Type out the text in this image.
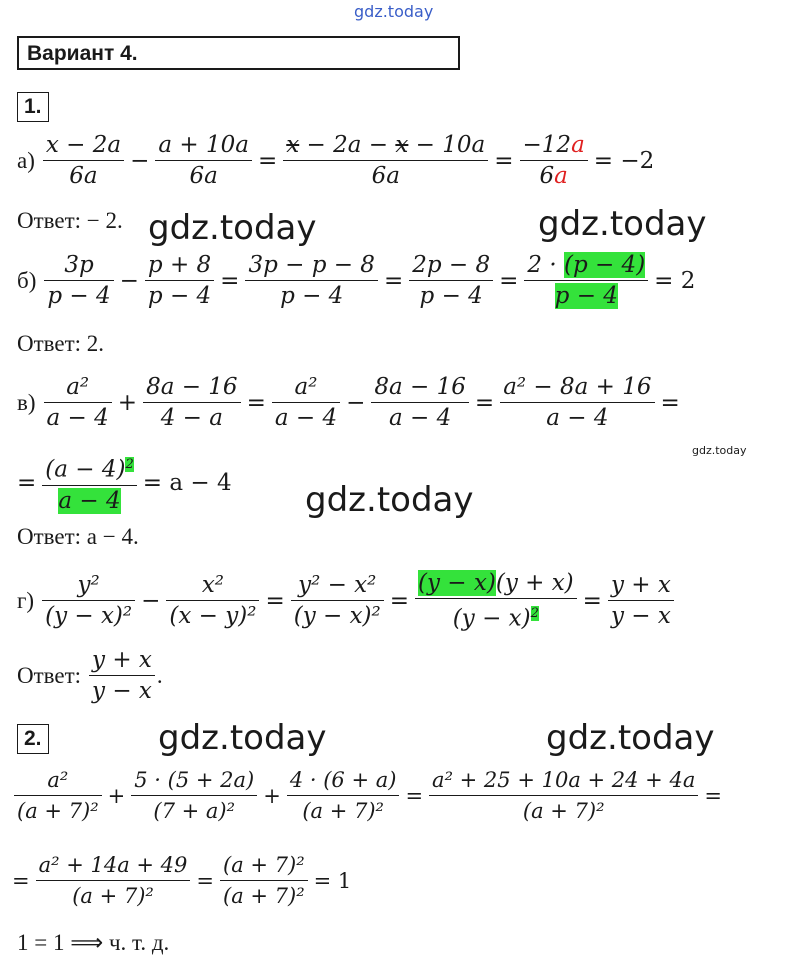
gdz.today
Вариант 4.
1.
$а) \frac{x - 2a}{6a} - \frac{a + 10a}{6a} = \frac{x - 2a - x - 10a}{6a} = \frac{-12a}{6a} = -2$
Ответ: − 2. gdz.today	gdz.today
$б) \frac{3p}{p - 4} - \frac{p + 8}{p - 4} = \frac{3p - p - 8}{p - 4} = \frac{2p - 8}{p - 4} = \frac{2 \cdot (p - 4)}{p - 4} = 2$
Ответ: 2.
$в) \frac{\text{a²}}{a - 4} + \frac{8a - 16}{4 - a} = \frac{\text{a²}}{a - 4} - \frac{8a - 16}{a - 4} = \frac{\text{a² − 8a + 16}}{a - 4}$ =
gdz.today
= $\frac{(a - 4)^2}{a - 4} = a - 4$ gdz.today
Ответ: a − 4.
$г) \frac{\text{y²}}{\text{(y − x)²}} - \frac{\text{x²}}{\text{(x − y)²}} = \frac{\text{y² − x²}}{\text{(y − x)²}} = \frac{(y - x)(y + x)}{(y - x)^2} = \frac{y + x}{y - x}$
Ответ: $\frac{y + x}{y - x}$ .
2.	gdz.today	gdz.today
$\frac{\text{a²}}{\text{(a + 7)²}} + \frac{5 \cdot (5 + 2a)}{\text{(7 + a)²}} + \frac{4 \cdot (6 + a)}{\text{(a + 7)²}} = \frac{\text{a² + 25 + 10a + 24 + 4a}}{\text{(a + 7)²}}$ =
= $\frac{\text{a² + 14a + 49}}{\text{(a + 7)²}} = \frac{\text{(a + 7)²}}{\text{(a + 7)²}} = 1$
1 = 1 ⟹ ч. т. д.
